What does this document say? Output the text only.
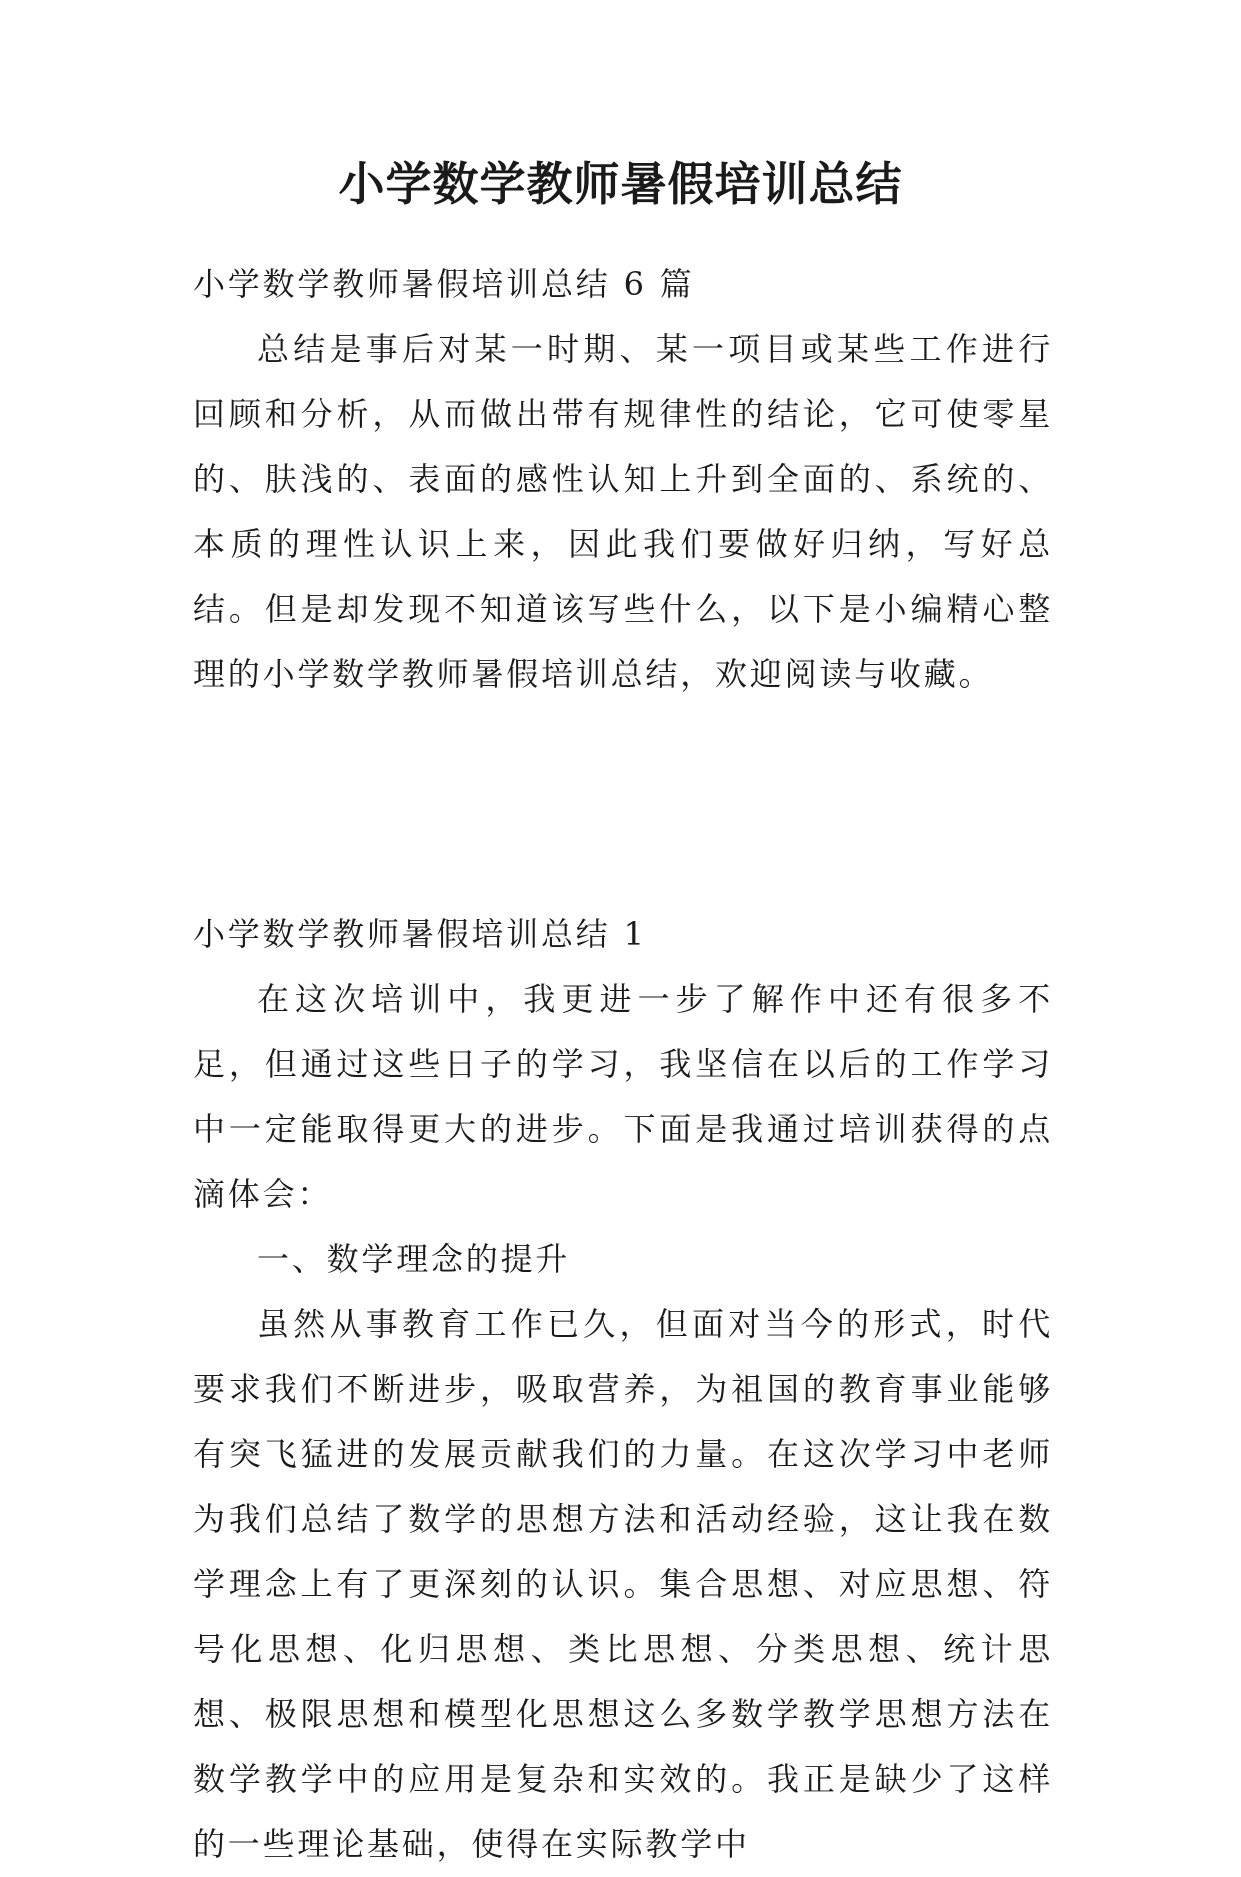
小学数学教师暑假培训总结

小学数学教师暑假培训总结 6 篇

总结是事后对某一时期、某一项目或某些工作进行回顾和分析，从而做出带有规律性的结论，它可使零星的、肤浅的、表面的感性认知上升到全面的、系统的、本质的理性认识上来，因此我们要做好归纳，写好总结。但是却发现不知道该写些什么，以下是小编精心整理的小学数学教师暑假培训总结，欢迎阅读与收藏。

小学数学教师暑假培训总结 1

在这次培训中，我更进一步了解作中还有很多不足，但通过这些日子的学习，我坚信在以后的工作学习中一定能取得更大的进步。下面是我通过培训获得的点滴体会：

一、数学理念的提升

虽然从事教育工作已久，但面对当今的形式，时代要求我们不断进步，吸取营养，为祖国的教育事业能够有突飞猛进的发展贡献我们的力量。在这次学习中老师为我们总结了数学的思想方法和活动经验，这让我在数学理念上有了更深刻的认识。集合思想、对应思想、符号化思想、化归思想、类比思想、分类思想、统计思想、极限思想和模型化思想这么多数学教学思想方法在数学教学中的应用是复杂和实效的。我正是缺少了这样的一些理论基础，使得在实际教学中
